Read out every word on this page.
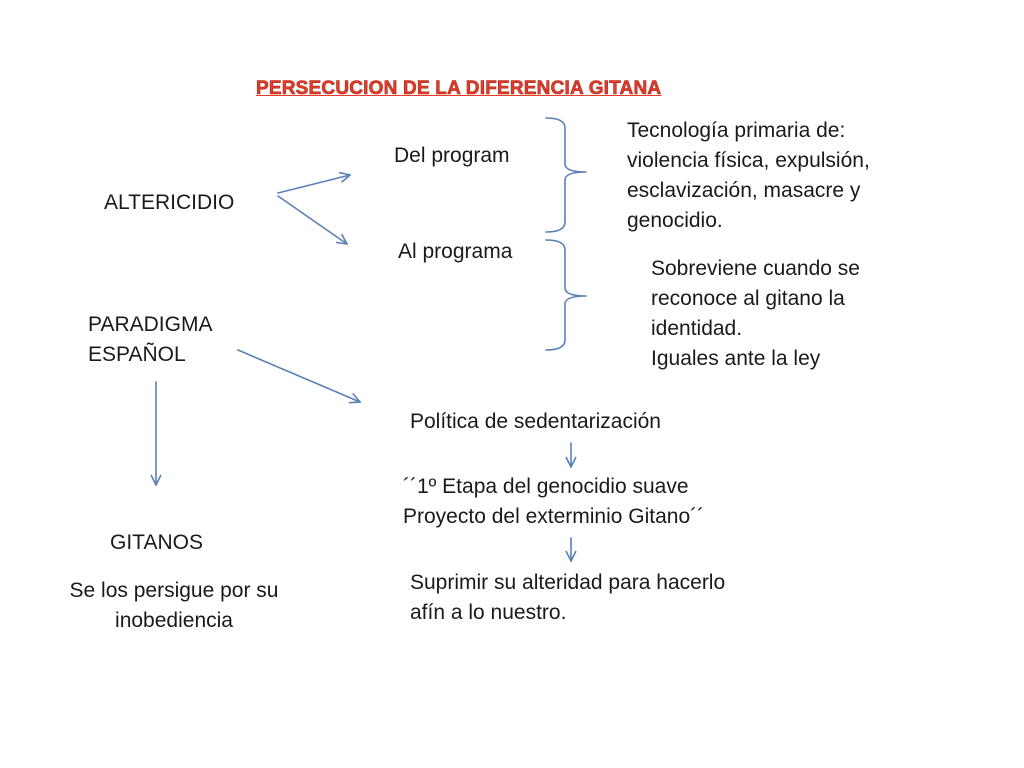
PERSECUCION DE LA DIFERENCIA GITANA
ALTERICIDIO
Del program
Al programa
Tecnología primaria de:
violencia física, expulsión,
esclavización, masacre y
genocidio.
Sobreviene cuando se
reconoce al gitano la
identidad.
Iguales ante la ley
PARADIGMA
ESPAÑOL
Política de sedentarización
´´1º Etapa del genocidio suave
Proyecto del exterminio Gitano´´
Suprimir su alteridad para hacerlo
afín a lo nuestro.
GITANOS
Se los persigue por su
inobediencia
